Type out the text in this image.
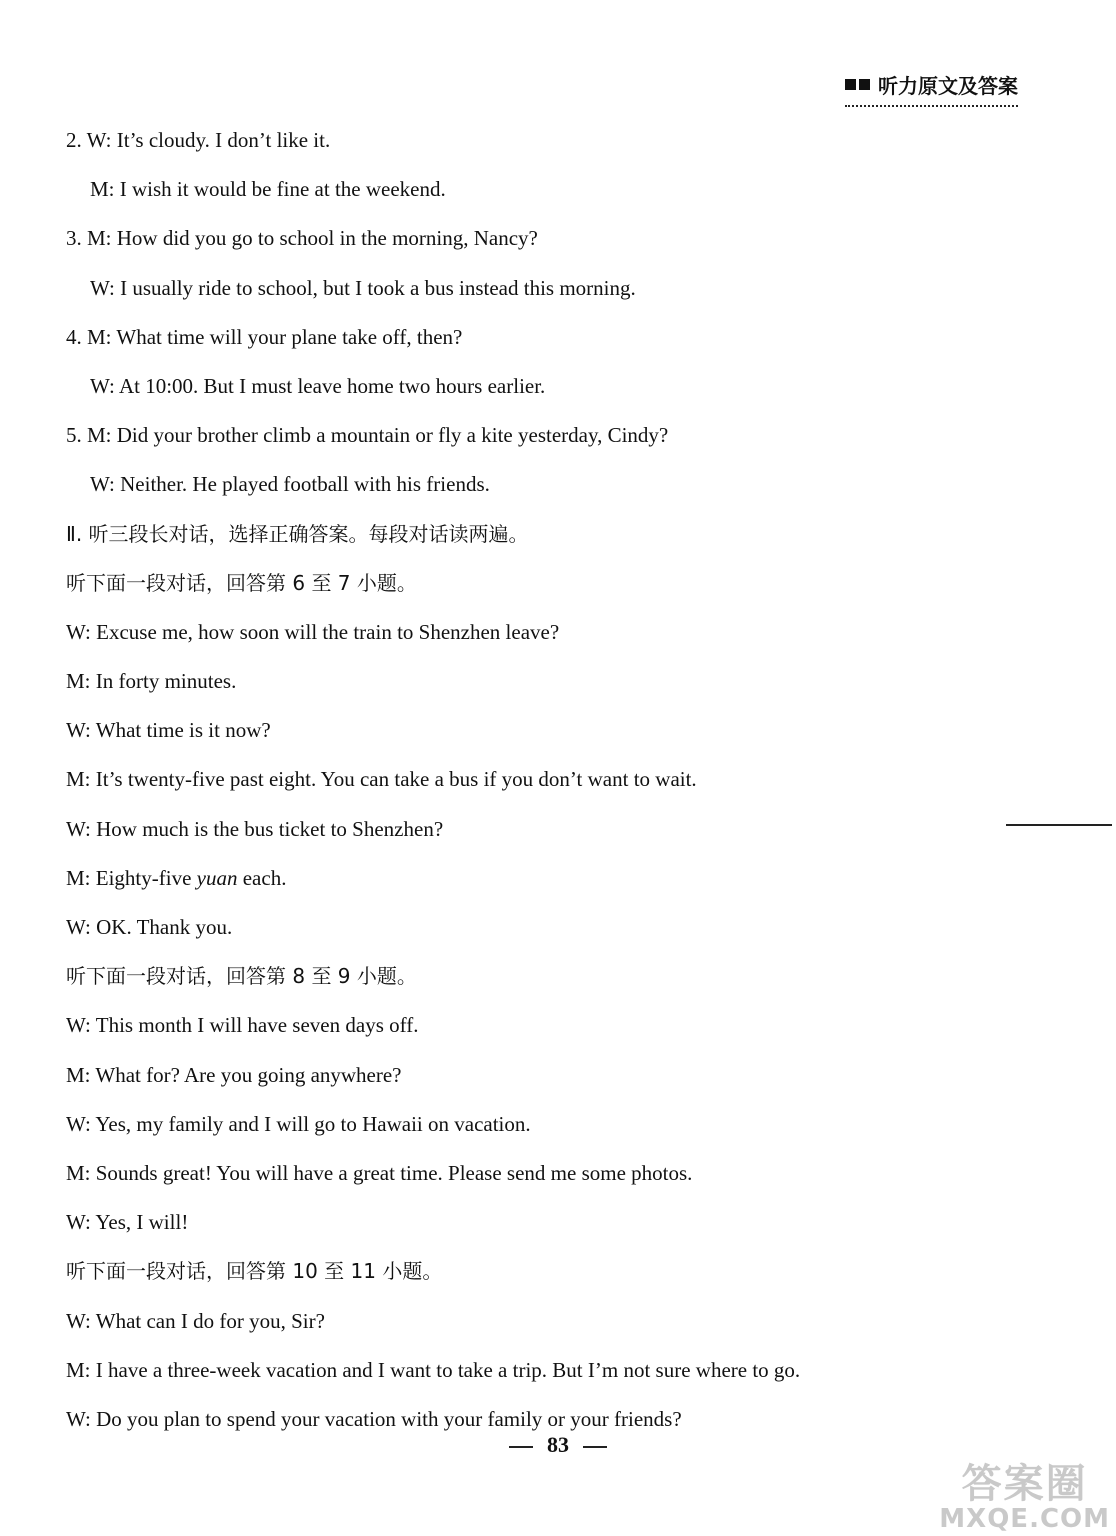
听力原文及答案
2. W: It’s cloudy. I don’t like it.
M: I wish it would be fine at the weekend.
3. M: How did you go to school in the morning, Nancy?
W: I usually ride to school, but I took a bus instead this morning.
4. M: What time will your plane take off, then?
W: At 10:00. But I must leave home two hours earlier.
5. M: Did your brother climb a mountain or fly a kite yesterday, Cindy?
W: Neither. He played football with his friends.
Ⅱ. 听三段长对话，选择正确答案。每段对话读两遍。
听下面一段对话，回答第 6 至 7 小题。
W: Excuse me, how soon will the train to Shenzhen leave?
M: In forty minutes.
W: What time is it now?
M: It’s twenty-five past eight. You can take a bus if you don’t want to wait.
W: How much is the bus ticket to Shenzhen?
M: Eighty-five yuan each.
W: OK. Thank you.
听下面一段对话，回答第 8 至 9 小题。
W: This month I will have seven days off.
M: What for? Are you going anywhere?
W: Yes, my family and I will go to Hawaii on vacation.
M: Sounds great! You will have a great time. Please send me some photos.
W: Yes, I will!
听下面一段对话，回答第 10 至 11 小题。
W: What can I do for you, Sir?
M: I have a three-week vacation and I want to take a trip. But I’m not sure where to go.
W: Do you plan to spend your vacation with your family or your friends?
83
答案圈
MXQE.COM
